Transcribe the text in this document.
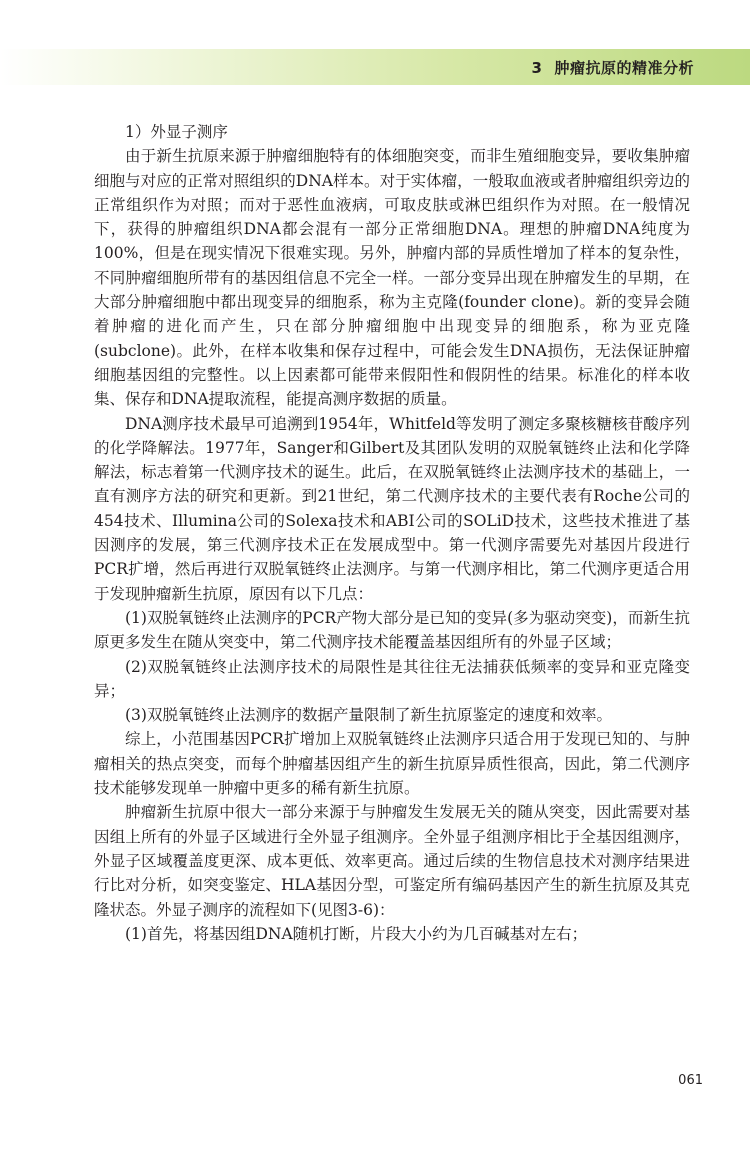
3 肿瘤抗原的精准分析

1）外显子测序

由于新生抗原来源于肿瘤细胞特有的体细胞突变，而非生殖细胞变异，要收集肿瘤细胞与对应的正常对照组织的DNA样本。对于实体瘤，一般取血液或者肿瘤组织旁边的正常组织作为对照；而对于恶性血液病，可取皮肤或淋巴组织作为对照。在一般情况下，获得的肿瘤组织DNA都会混有一部分正常细胞DNA。理想的肿瘤DNA纯度为100%，但是在现实情况下很难实现。另外，肿瘤内部的异质性增加了样本的复杂性，不同肿瘤细胞所带有的基因组信息不完全一样。一部分变异出现在肿瘤发生的早期，在大部分肿瘤细胞中都出现变异的细胞系，称为主克隆(founder clone)。新的变异会随着肿瘤的进化而产生，只在部分肿瘤细胞中出现变异的细胞系，称为亚克隆(subclone)。此外，在样本收集和保存过程中，可能会发生DNA损伤，无法保证肿瘤细胞基因组的完整性。以上因素都可能带来假阳性和假阴性的结果。标准化的样本收集、保存和DNA提取流程，能提高测序数据的质量。

DNA测序技术最早可追溯到1954年，Whitfeld等发明了测定多聚核糖核苷酸序列的化学降解法。1977年，Sanger和Gilbert及其团队发明的双脱氧链终止法和化学降解法，标志着第一代测序技术的诞生。此后，在双脱氧链终止法测序技术的基础上，一直有测序方法的研究和更新。到21世纪，第二代测序技术的主要代表有Roche公司的454技术、Illumina公司的Solexa技术和ABI公司的SOLiD技术，这些技术推进了基因测序的发展，第三代测序技术正在发展成型中。第一代测序需要先对基因片段进行PCR扩增，然后再进行双脱氧链终止法测序。与第一代测序相比，第二代测序更适合用于发现肿瘤新生抗原，原因有以下几点：

(1)双脱氧链终止法测序的PCR产物大部分是已知的变异(多为驱动突变)，而新生抗原更多发生在随从突变中，第二代测序技术能覆盖基因组所有的外显子区域；

(2)双脱氧链终止法测序技术的局限性是其往往无法捕获低频率的变异和亚克隆变异；

(3)双脱氧链终止法测序的数据产量限制了新生抗原鉴定的速度和效率。

综上，小范围基因PCR扩增加上双脱氧链终止法测序只适合用于发现已知的、与肿瘤相关的热点突变，而每个肿瘤基因组产生的新生抗原异质性很高，因此，第二代测序技术能够发现单一肿瘤中更多的稀有新生抗原。

肿瘤新生抗原中很大一部分来源于与肿瘤发生发展无关的随从突变，因此需要对基因组上所有的外显子区域进行全外显子组测序。全外显子组测序相比于全基因组测序，外显子区域覆盖度更深、成本更低、效率更高。通过后续的生物信息技术对测序结果进行比对分析，如突变鉴定、HLA基因分型，可鉴定所有编码基因产生的新生抗原及其克隆状态。外显子测序的流程如下(见图3-6)：

(1)首先，将基因组DNA随机打断，片段大小约为几百碱基对左右；

061
